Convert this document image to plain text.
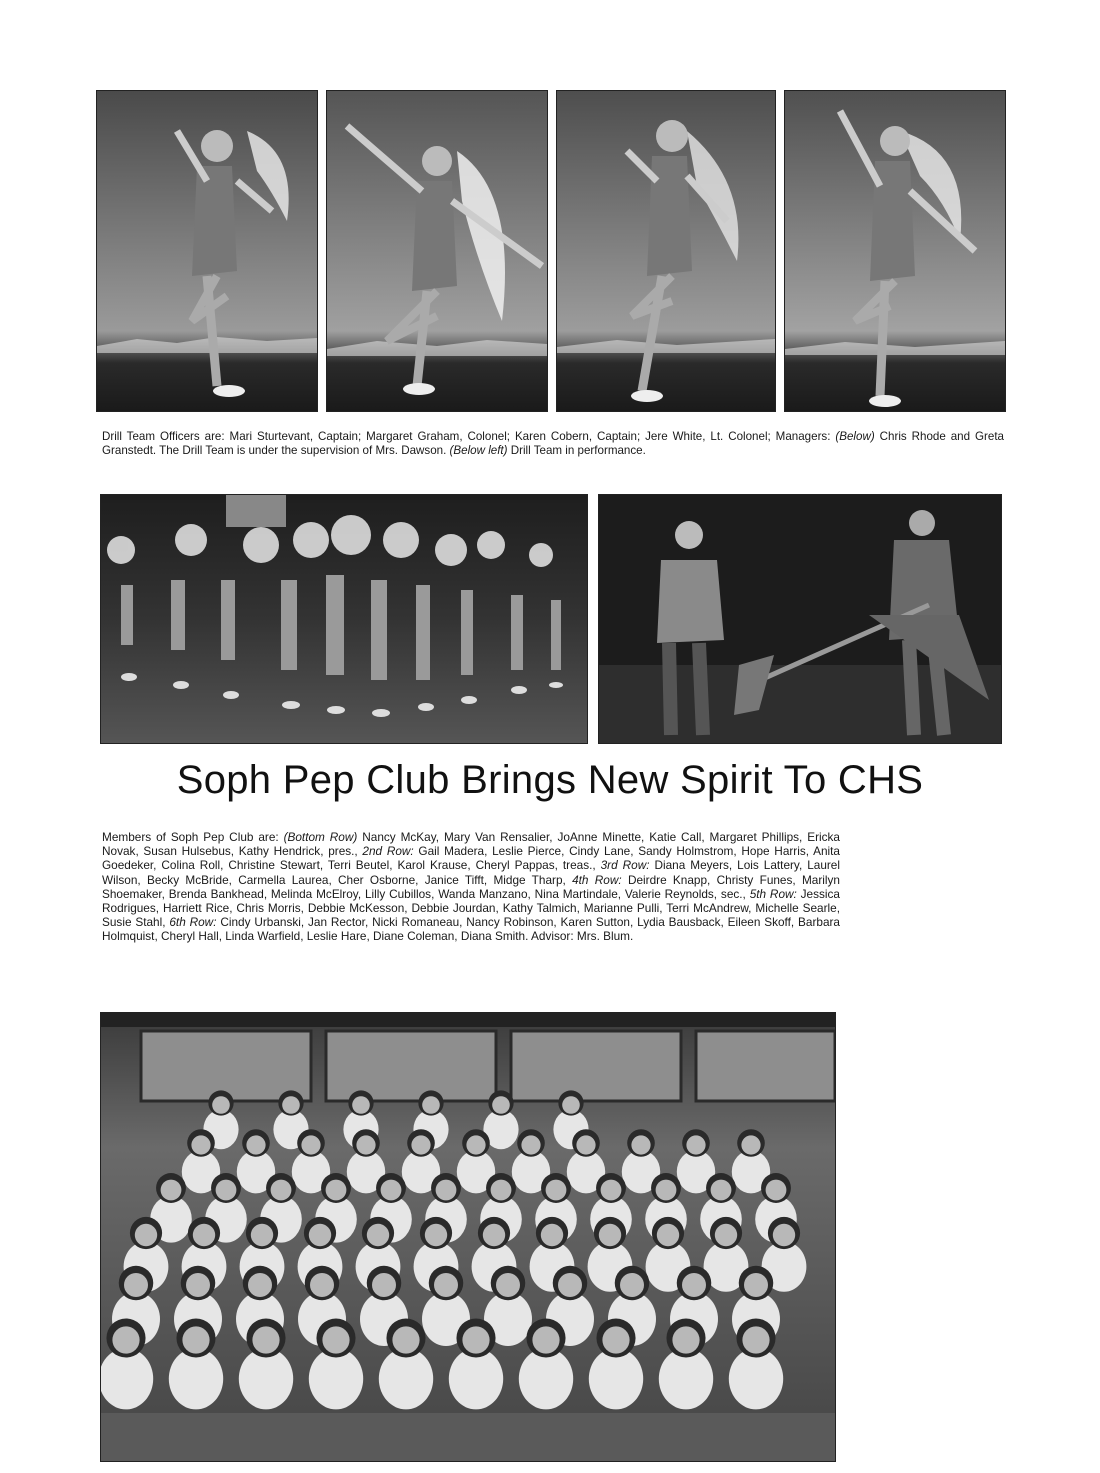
Drill Team Officers are: Mari Sturtevant, Captain; Margaret Graham, Colonel; Karen Cobern, Captain; Jere White, Lt. Colonel; Managers: (Below) Chris Rhode and Greta Granstedt. The Drill Team is under the supervision of Mrs. Dawson. (Below left) Drill Team in performance.
Soph Pep Club Brings New Spirit To CHS
Members of Soph Pep Club are: (Bottom Row) Nancy McKay, Mary Van Rensalier, JoAnne Minette, Katie Call, Margaret Phillips, Ericka Novak, Susan Hulsebus, Kathy Hendrick, pres., 2nd Row: Gail Madera, Leslie Pierce, Cindy Lane, Sandy Holmstrom, Hope Harris, Anita Goedeker, Colina Roll, Christine Stewart, Terri Beutel, Karol Krause, Cheryl Pappas, treas., 3rd Row: Diana Meyers, Lois Lattery, Laurel Wilson, Becky McBride, Carmella Laurea, Cher Osborne, Janice Tifft, Midge Tharp, 4th Row: Deirdre Knapp, Christy Funes, Marilyn Shoemaker, Brenda Bankhead, Melinda McElroy, Lilly Cubillos, Wanda Manzano, Nina Martindale, Valerie Reynolds, sec., 5th Row: Jessica Rodrigues, Harriett Rice, Chris Morris, Debbie McKesson, Debbie Jourdan, Kathy Talmich, Marianne Pulli, Terri McAndrew, Michelle Searle, Susie Stahl, 6th Row: Cindy Urbanski, Jan Rector, Nicki Romaneau, Nancy Robinson, Karen Sutton, Lydia Bausback, Eileen Skoff, Barbara Holmquist, Cheryl Hall, Linda Warfield, Leslie Hare, Diane Coleman, Diana Smith. Advisor: Mrs. Blum.
